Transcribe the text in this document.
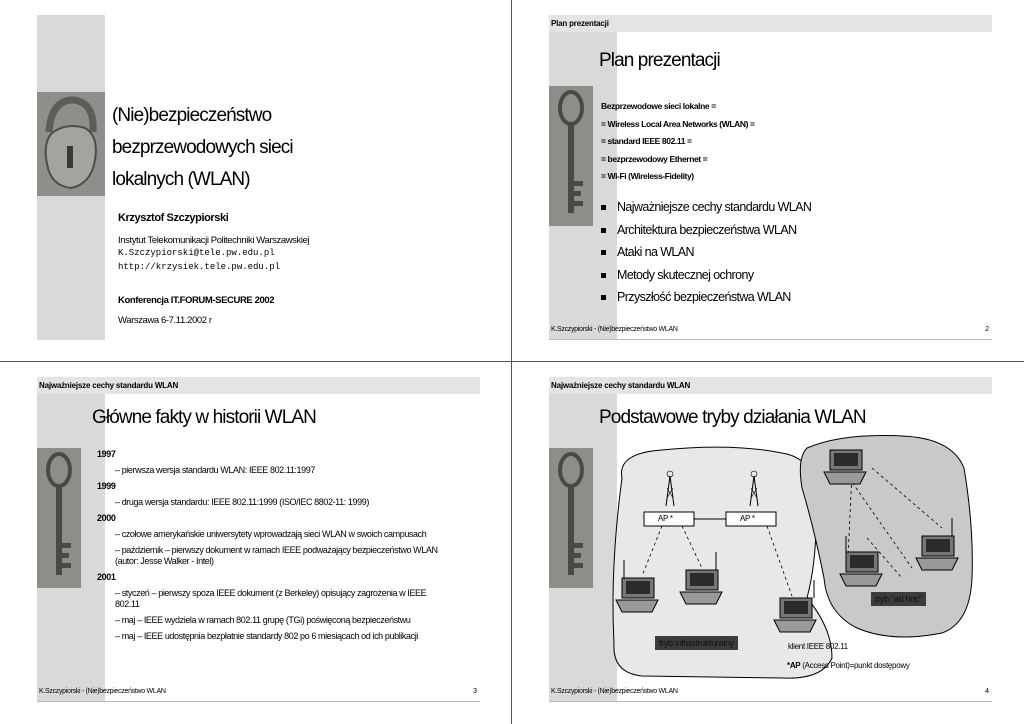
(Nie)bezpieczeństwo
bezprzewodowych sieci
lokalnych (WLAN)
Krzysztof Szczypiorski
Instytut Telekomunikacji Politechniki Warszawskiej
K.Szczypiorski@tele.pw.edu.pl
http://krzysiek.tele.pw.edu.pl
Konferencja IT.FORUM-SECURE 2002
Warszawa 6-7.11.2002 r
Plan prezentacji
Plan prezentacji
Bezprzewodowe sieci lokalne =
= Wireless Local Area Networks (WLAN) =
= standard IEEE 802.11 =
= bezprzewodowy Ethernet =
= Wi-Fi (Wireless-Fidelity)
Najważniejsze cechy standardu WLAN
Architektura bezpieczeństwa WLAN
Ataki na WLAN
Metody skutecznej ochrony
Przyszłość bezpieczeństwa WLAN
K.Szczypiorski - (Nie)bezpieczeństwo WLAN	2
Najważniejsze cechy standardu WLAN
Główne fakty w historii WLAN
1997
– pierwsza wersja standardu WLAN: IEEE 802.11:1997
1999
– druga wersja standardu: IEEE 802.11:1999 (ISO/IEC 8802-11: 1999)
2000
– czołowe amerykańskie uniwersytety wprowadzają sieci WLAN w swoich campusach
– październik – pierwszy dokument w ramach IEEE podważający bezpieczeństwo WLAN (autor: Jesse Walker - Intel)
2001
– styczeń – pierwszy spoza IEEE dokument (z Berkeley) opisujący zagrożenia w IEEE 802.11
– maj – IEEE wydziela w ramach 802.11 grupę (TGi) poświęconą bezpieczeństwu
– maj – IEEE udostępnia bezpłatnie standardy 802 po 6 miesiącach od ich publikacji
K.Szczypiorski - (Nie)bezpieczeństwo WLAN	3
Najważniejsze cechy standardu WLAN
Podstawowe tryby działania WLAN
AP *	AP *
tryb "ad hoc"
tryb infrastrukturalny	klient IEEE 802.11
*AP (Access Point)=punkt dostępowy
K.Szczypiorski - (Nie)bezpieczeństwo WLAN	4
